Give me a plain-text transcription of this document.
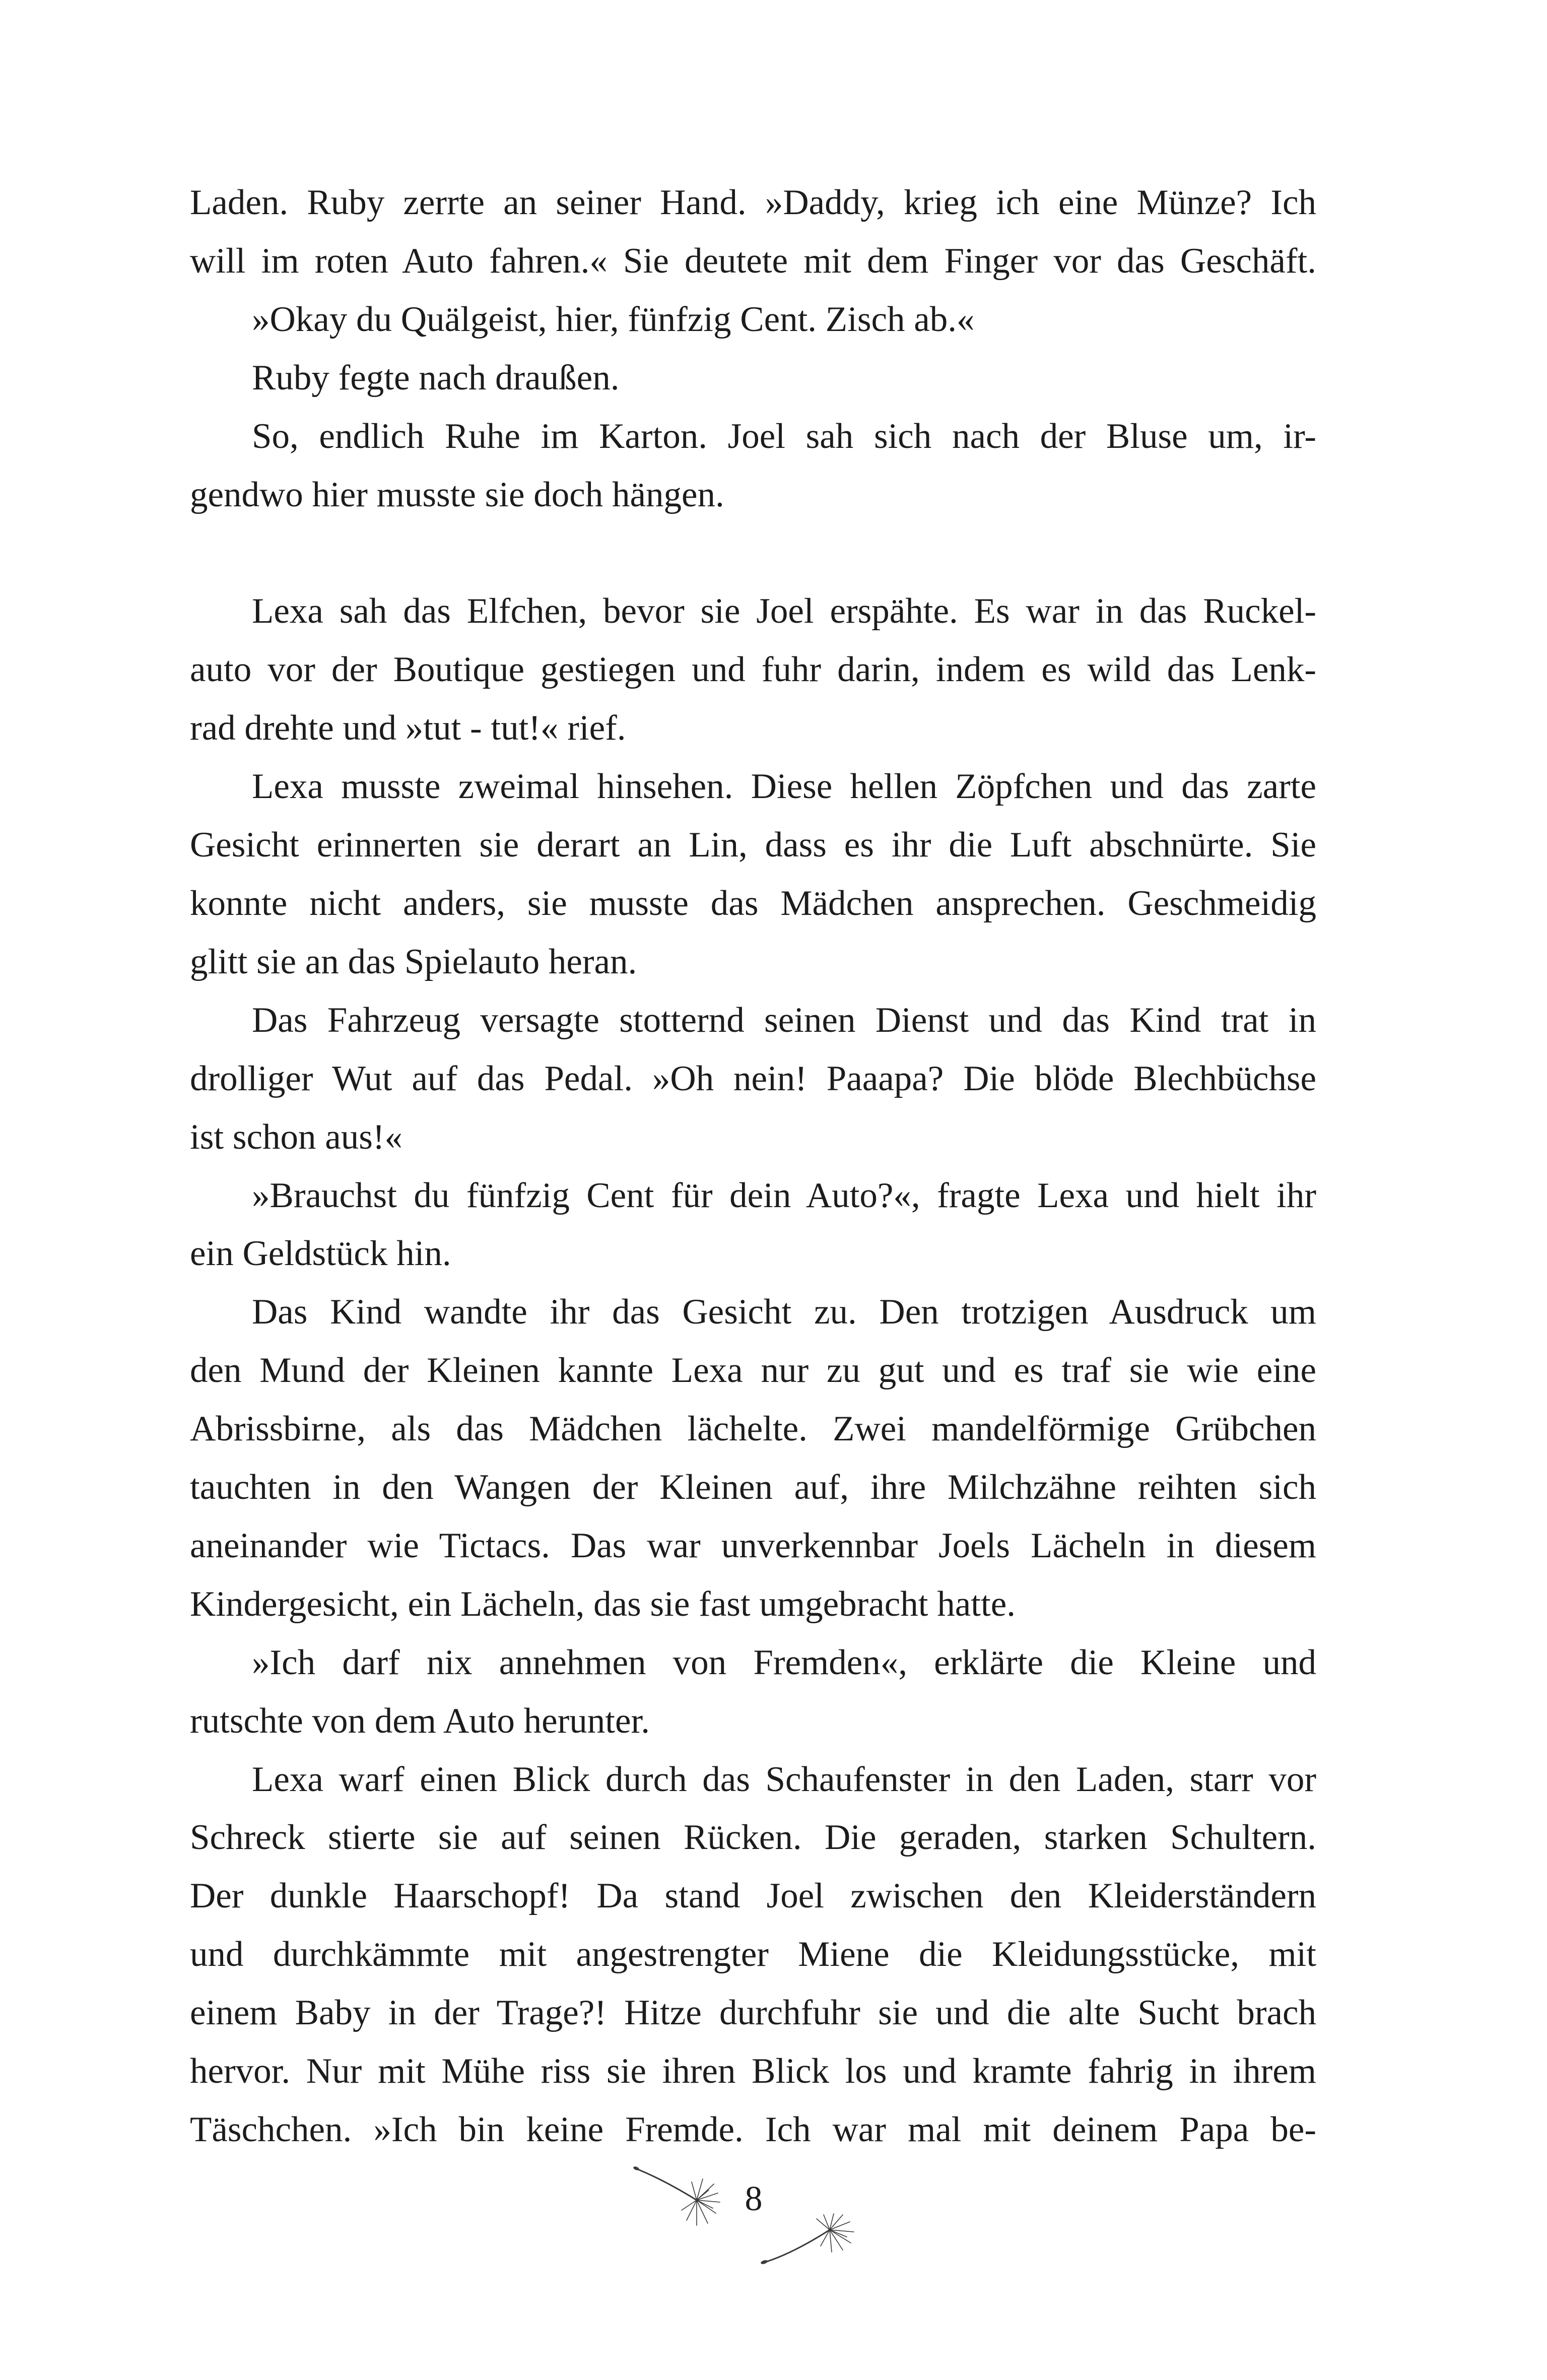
Laden. Ruby zerrte an seiner Hand. »Daddy, krieg ich eine Münze? Ich
will im roten Auto fahren.« Sie deutete mit dem Finger vor das Geschäft.
»Okay du Quälgeist, hier, fünfzig Cent. Zisch ab.«
Ruby fegte nach draußen.
So, endlich Ruhe im Karton. Joel sah sich nach der Bluse um, ir-
gendwo hier musste sie doch hängen.
Lexa sah das Elfchen, bevor sie Joel erspähte. Es war in das Ruckel-
auto vor der Boutique gestiegen und fuhr darin, indem es wild das Lenk-
rad drehte und »tut - tut!« rief.
Lexa musste zweimal hinsehen. Diese hellen Zöpfchen und das zarte
Gesicht erinnerten sie derart an Lin, dass es ihr die Luft abschnürte. Sie
konnte nicht anders, sie musste das Mädchen ansprechen. Geschmeidig
glitt sie an das Spielauto heran.
Das Fahrzeug versagte stotternd seinen Dienst und das Kind trat in
drolliger Wut auf das Pedal. »Oh nein! Paaapa? Die blöde Blechbüchse
ist schon aus!«
»Brauchst du fünfzig Cent für dein Auto?«, fragte Lexa und hielt ihr
ein Geldstück hin.
Das Kind wandte ihr das Gesicht zu. Den trotzigen Ausdruck um
den Mund der Kleinen kannte Lexa nur zu gut und es traf sie wie eine
Abrissbirne, als das Mädchen lächelte. Zwei mandelförmige Grübchen
tauchten in den Wangen der Kleinen auf, ihre Milchzähne reihten sich
aneinander wie Tictacs. Das war unverkennbar Joels Lächeln in diesem
Kindergesicht, ein Lächeln, das sie fast umgebracht hatte.
»Ich darf nix annehmen von Fremden«, erklärte die Kleine und
rutschte von dem Auto herunter.
Lexa warf einen Blick durch das Schaufenster in den Laden, starr vor
Schreck stierte sie auf seinen Rücken. Die geraden, starken Schultern.
Der dunkle Haarschopf! Da stand Joel zwischen den Kleiderständern
und durchkämmte mit angestrengter Miene die Kleidungsstücke, mit
einem Baby in der Trage?! Hitze durchfuhr sie und die alte Sucht brach
hervor. Nur mit Mühe riss sie ihren Blick los und kramte fahrig in ihrem
Täschchen. »Ich bin keine Fremde. Ich war mal mit deinem Papa be-
8
